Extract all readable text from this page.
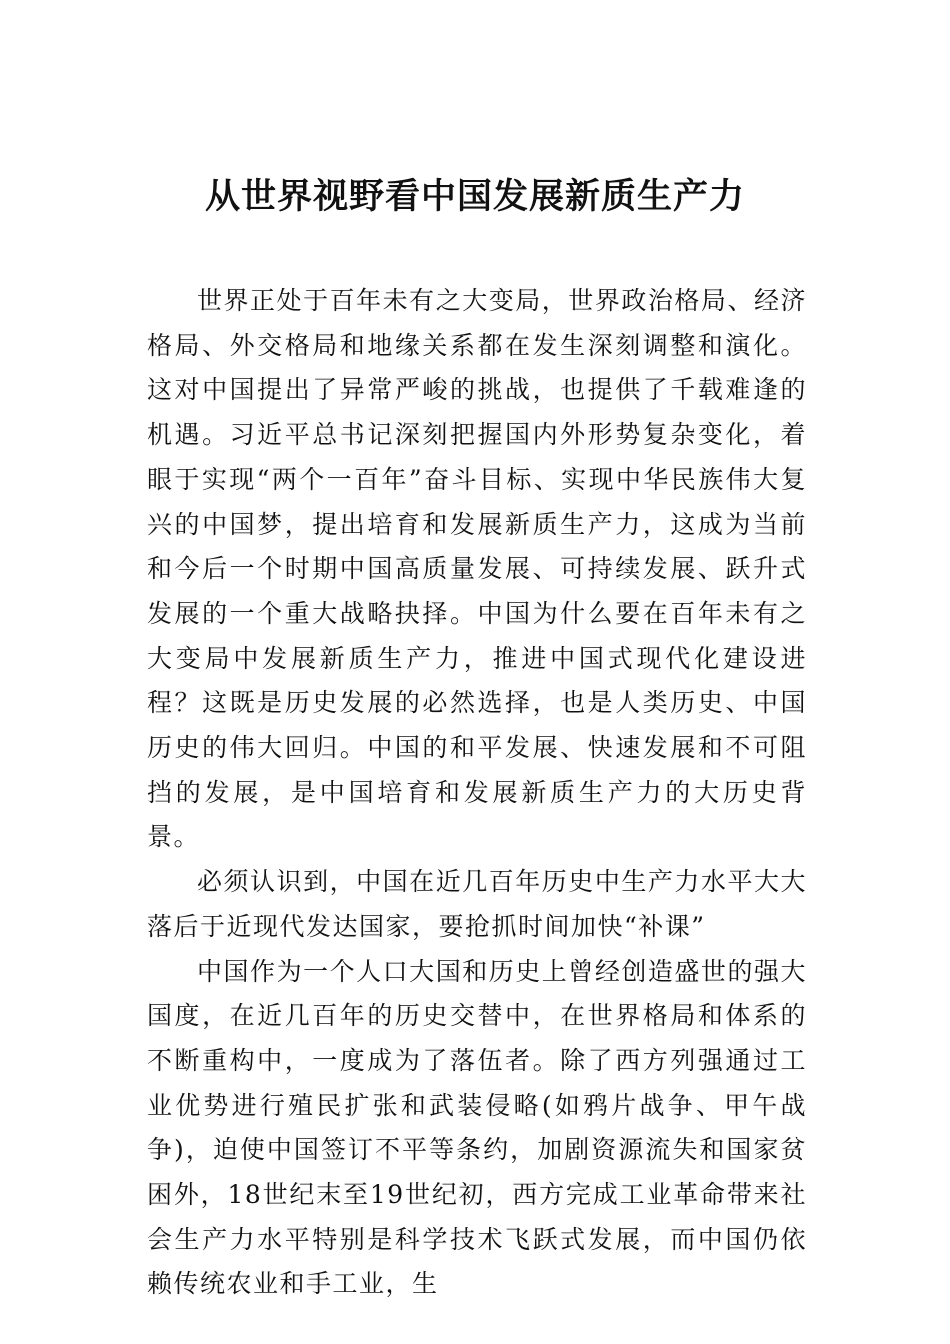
从世界视野看中国发展新质生产力

世界正处于百年未有之大变局，世界政治格局、经济格局、外交格局和地缘关系都在发生深刻调整和演化。这对中国提出了异常严峻的挑战，也提供了千载难逢的机遇。习近平总书记深刻把握国内外形势复杂变化，着眼于实现“两个一百年”奋斗目标、实现中华民族伟大复兴的中国梦，提出培育和发展新质生产力，这成为当前和今后一个时期中国高质量发展、可持续发展、跃升式发展的一个重大战略抉择。中国为什么要在百年未有之大变局中发展新质生产力，推进中国式现代化建设进程？这既是历史发展的必然选择，也是人类历史、中国历史的伟大回归。中国的和平发展、快速发展和不可阻挡的发展，是中国培育和发展新质生产力的大历史背景。

必须认识到，中国在近几百年历史中生产力水平大大落后于近现代发达国家，要抢抓时间加快“补课”

中国作为一个人口大国和历史上曾经创造盛世的强大国度，在近几百年的历史交替中，在世界格局和体系的不断重构中，一度成为了落伍者。除了西方列强通过工业优势进行殖民扩张和武装侵略(如鸦片战争、甲午战争)，迫使中国签订不平等条约，加剧资源流失和国家贫困外，18世纪末至19世纪初，西方完成工业革命带来社会生产力水平特别是科学技术飞跃式发展，而中国仍依赖传统农业和手工业，生
